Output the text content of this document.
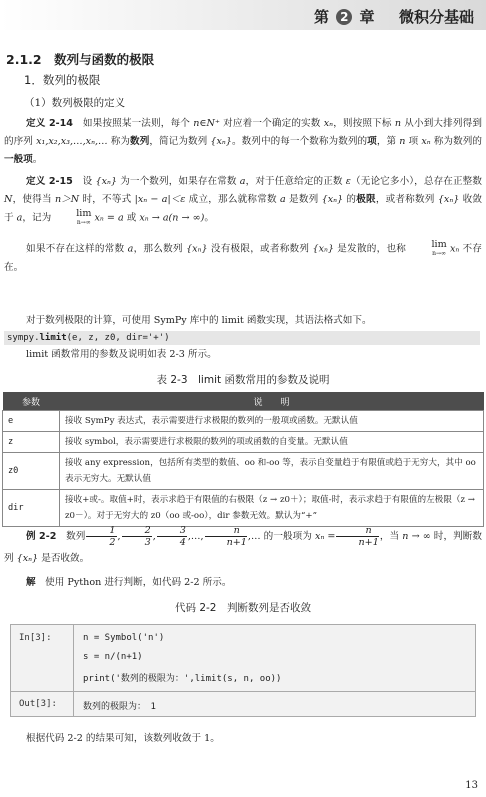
第 2 章 微积分基础
2.1.2　数列与函数的极限
1．数列的极限
（1）数列极限的定义
定义 2-14　如果按照某一法则，每个 n∈N⁺ 对应着一个确定的实数 xₙ，则按照下标 n 从小到大排列得到的序列 x₁,x₂,x₃,…,xₙ,… 称为数列，简记为数列 {xₙ}。数列中的每一个数称为数列的项，第 n 项 xₙ 称为数列的一般项。
定义 2-15　设 {xₙ} 为一个数列，如果存在常数 a，对于任意给定的正数 ε（无论它多小），总存在正整数 N，使得当 n＞N 时，不等式 |xₙ − a|＜ε 成立，那么就称常数 a 是数列 {xₙ} 的极限，或者称数列 {xₙ} 收敛于 a，记为	lim
n→∞ xₙ = a 或 xₙ → a(n → ∞)。
如果不存在这样的常数 a，那么数列 {xₙ} 没有极限，或者称数列 {xₙ} 是发散的，也称	lim
n→∞ xₙ 不存在。
对于数列极限的计算，可使用 SymPy 库中的 limit 函数实现，其语法格式如下。
sympy.limit(e, z, z0, dir='+')
limit 函数常用的参数及说明如表 2-3 所示。
表 2-3　limit 函数常用的参数及说明
参数	说　　明
e	接收 SymPy 表达式，表示需要进行求极限的数列的一般项或函数。无默认值
z	接收 symbol，表示需要进行求极限的数列的项或函数的自变量。无默认值
z0	接收 any expression，包括所有类型的数值、oo 和-oo 等，表示自变量趋于有限值或趋于无穷大，其中 oo 表示无穷大。无默认值
dir	接收+或-。取值+时，表示求趋于有限值的右极限（z → z0＋）；取值-时，表示求趋于有限值的左极限（z → z0－）。对于无穷大的 z0（oo 或-oo），dir 参数无效。默认为“+”
例 2-2　数列 $\frac{1}{2}$ , $\frac{2}{3}$ , $\frac{3}{4}$ ,…, $\frac{n}{n+1}$ ,… 的一般项为 $x_n = \frac{n}{n+1}$ ，当 n → ∞ 时，判断数列 {xₙ} 是否收敛。
解　使用 Python 进行判断，如代码 2-2 所示。
代码 2-2　判断数列是否收敛
In[3]:	n = Symbol('n')
s = n/(n+1)
print('数列的极限为：',limit(s, n, oo))
Out[3]:	数列的极限为：　1
根据代码 2-2 的结果可知，该数列收敛于 1。
13
